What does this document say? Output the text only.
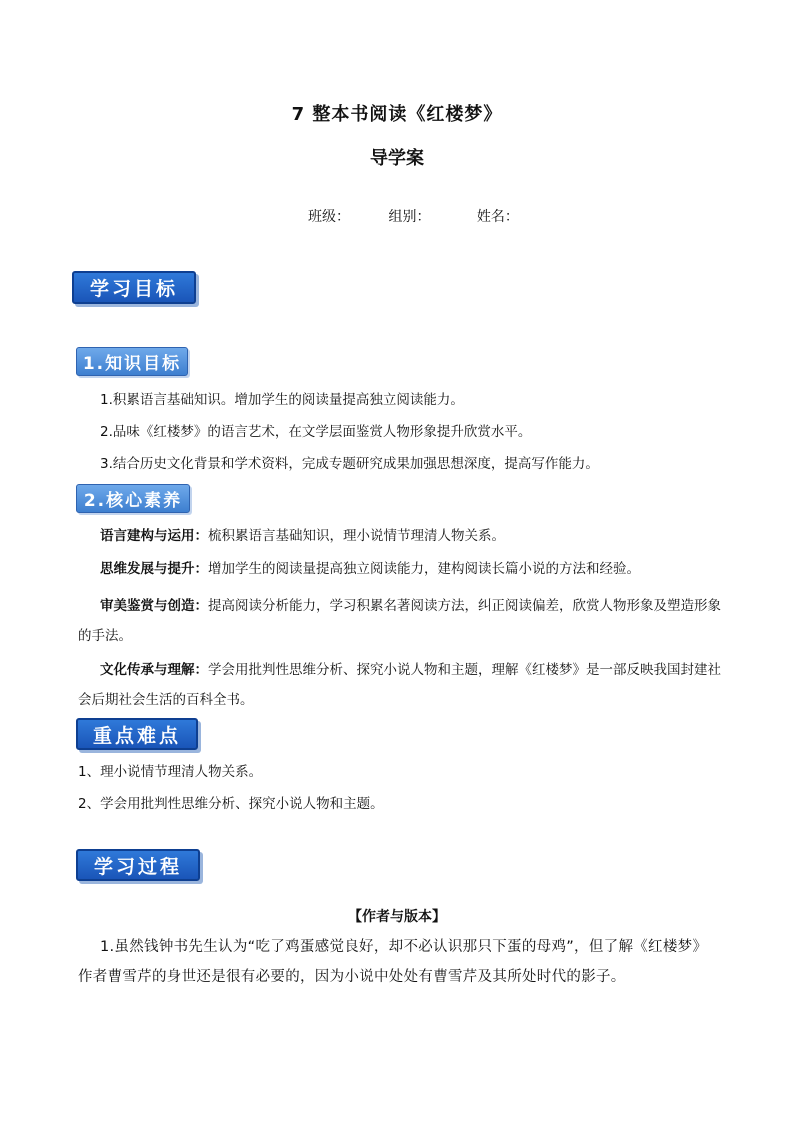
7 整本书阅读《红楼梦》
导学案
班级：	组别：	姓名：
学习目标
1.知识目标
1.积累语言基础知识。增加学生的阅读量提高独立阅读能力。
2.品味《红楼梦》的语言艺术，在文学层面鉴赏人物形象提升欣赏水平。
3.结合历史文化背景和学术资料，完成专题研究成果加强思想深度，提高写作能力。
2.核心素养
语言建构与运用：梳积累语言基础知识，理小说情节理清人物关系。
思维发展与提升：增加学生的阅读量提高独立阅读能力，建构阅读长篇小说的方法和经验。
审美鉴赏与创造：提高阅读分析能力，学习积累名著阅读方法，纠正阅读偏差，欣赏人物形象及塑造形象的手法。
文化传承与理解：学会用批判性思维分析、探究小说人物和主题，理解《红楼梦》是一部反映我国封建社会后期社会生活的百科全书。
重点难点
1、理小说情节理清人物关系。
2、学会用批判性思维分析、探究小说人物和主题。
学习过程
【作者与版本】
1.虽然钱钟书先生认为“吃了鸡蛋感觉良好，却不必认识那只下蛋的母鸡”，但了解《红楼梦》作者曹雪芹的身世还是很有必要的，因为小说中处处有曹雪芹及其所处时代的影子。
